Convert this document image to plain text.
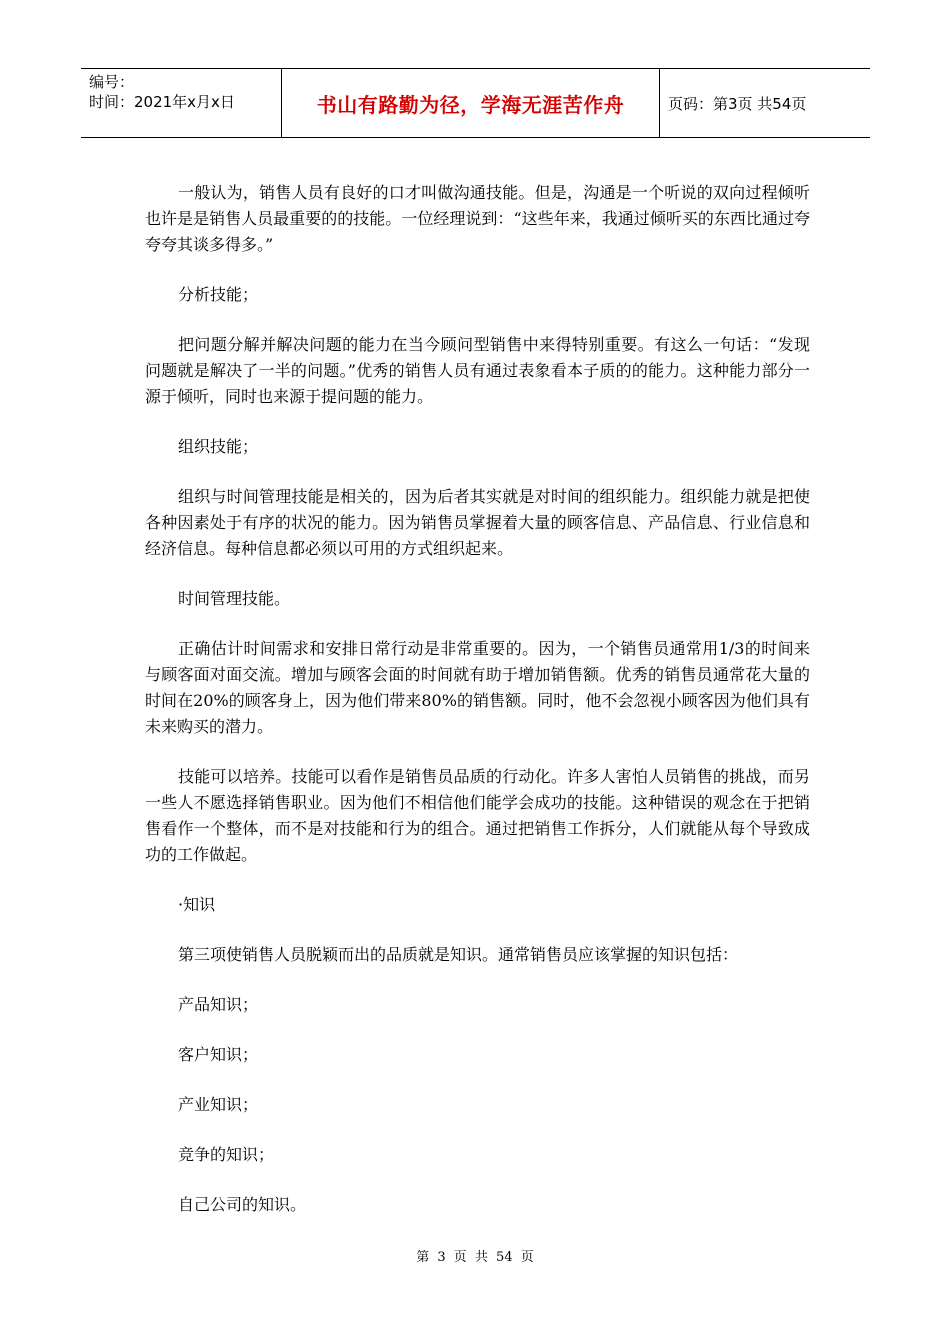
编号：
时间：2021年x月x日	书山有路勤为径，学海无涯苦作舟	页码：第3页 共54页

一般认为，销售人员有良好的口才叫做沟通技能。但是，沟通是一个听说的双向过程倾听也许是是销售人员最重要的的技能。一位经理说到：“这些年来，我通过倾听买的东西比通过夸夸夸其谈多得多。”

分析技能；

把问题分解并解决问题的能力在当今顾问型销售中来得特别重要。有这么一句话：“发现问题就是解决了一半的问题。”优秀的销售人员有通过表象看本子质的的能力。这种能力部分一源于倾听，同时也来源于提问题的能力。

组织技能；

组织与时间管理技能是相关的，因为后者其实就是对时间的组织能力。组织能力就是把使各种因素处于有序的状况的能力。因为销售员掌握着大量的顾客信息、产品信息、行业信息和经济信息。每种信息都必须以可用的方式组织起来。

时间管理技能。

正确估计时间需求和安排日常行动是非常重要的。因为，一个销售员通常用1/3的时间来与顾客面对面交流。增加与顾客会面的时间就有助于增加销售额。优秀的销售员通常花大量的时间在20%的顾客身上，因为他们带来80%的销售额。同时，他不会忽视小顾客因为他们具有未来购买的潜力。

技能可以培养。技能可以看作是销售员品质的行动化。许多人害怕人员销售的挑战，而另一些人不愿选择销售职业。因为他们不相信他们能学会成功的技能。这种错误的观念在于把销售看作一个整体，而不是对技能和行为的组合。通过把销售工作拆分，人们就能从每个导致成功的工作做起。

·知识

第三项使销售人员脱颖而出的品质就是知识。通常销售员应该掌握的知识包括：

产品知识；

客户知识；

产业知识；

竞争的知识；

自己公司的知识。

第 3 页 共 54 页
